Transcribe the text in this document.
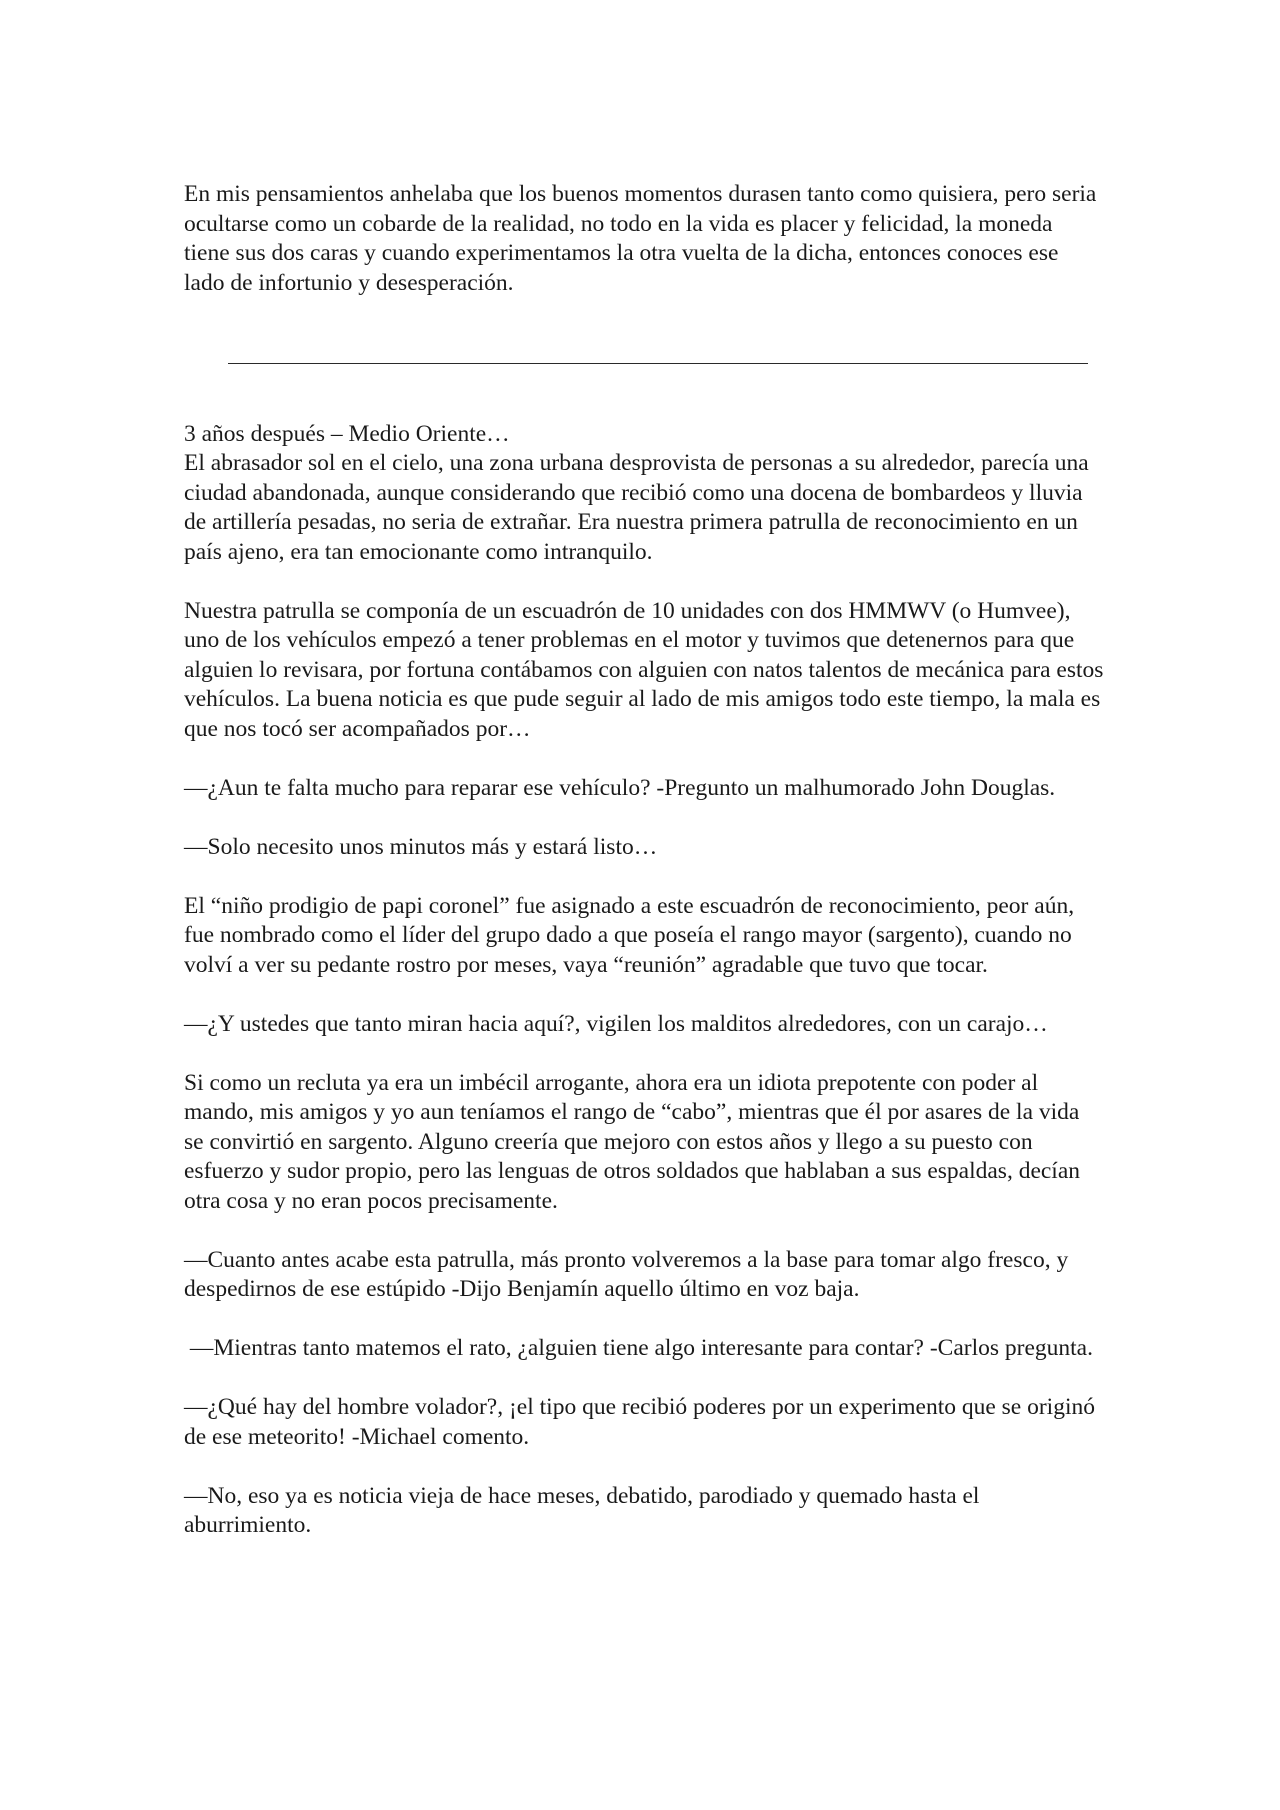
En mis pensamientos anhelaba que los buenos momentos durasen tanto como quisiera, pero seria ocultarse como un cobarde de la realidad, no todo en la vida es placer y felicidad, la moneda tiene sus dos caras y cuando experimentamos la otra vuelta de la dicha, entonces conoces ese lado de infortunio y desesperación.

3 años después – Medio Oriente…

El abrasador sol en el cielo, una zona urbana desprovista de personas a su alrededor, parecía una ciudad abandonada, aunque considerando que recibió como una docena de bombardeos y lluvia de artillería pesadas, no seria de extrañar. Era nuestra primera patrulla de reconocimiento en un país ajeno, era tan emocionante como intranquilo.

Nuestra patrulla se componía de un escuadrón de 10 unidades con dos HMMWV (o Humvee), uno de los vehículos empezó a tener problemas en el motor y tuvimos que detenernos para que alguien lo revisara, por fortuna contábamos con alguien con natos talentos de mecánica para estos vehículos. La buena noticia es que pude seguir al lado de mis amigos todo este tiempo, la mala es que nos tocó ser acompañados por…

—¿Aun te falta mucho para reparar ese vehículo? -Pregunto un malhumorado John Douglas.

—Solo necesito unos minutos más y estará listo…

El “niño prodigio de papi coronel” fue asignado a este escuadrón de reconocimiento, peor aún, fue nombrado como el líder del grupo dado a que poseía el rango mayor (sargento), cuando no volví a ver su pedante rostro por meses, vaya “reunión” agradable que tuvo que tocar.

—¿Y ustedes que tanto miran hacia aquí?, vigilen los malditos alrededores, con un carajo…

Si como un recluta ya era un imbécil arrogante, ahora era un idiota prepotente con poder al mando, mis amigos y yo aun teníamos el rango de “cabo”, mientras que él por asares de la vida se convirtió en sargento. Alguno creería que mejoro con estos años y llego a su puesto con esfuerzo y sudor propio, pero las lenguas de otros soldados que hablaban a sus espaldas, decían otra cosa y no eran pocos precisamente.

—Cuanto antes acabe esta patrulla, más pronto volveremos a la base para tomar algo fresco, y despedirnos de ese estúpido -Dijo Benjamín aquello último en voz baja.

—Mientras tanto matemos el rato, ¿alguien tiene algo interesante para contar? -Carlos pregunta.

—¿Qué hay del hombre volador?, ¡el tipo que recibió poderes por un experimento que se originó de ese meteorito! -Michael comento.

—No, eso ya es noticia vieja de hace meses, debatido, parodiado y quemado hasta el aburrimiento.
